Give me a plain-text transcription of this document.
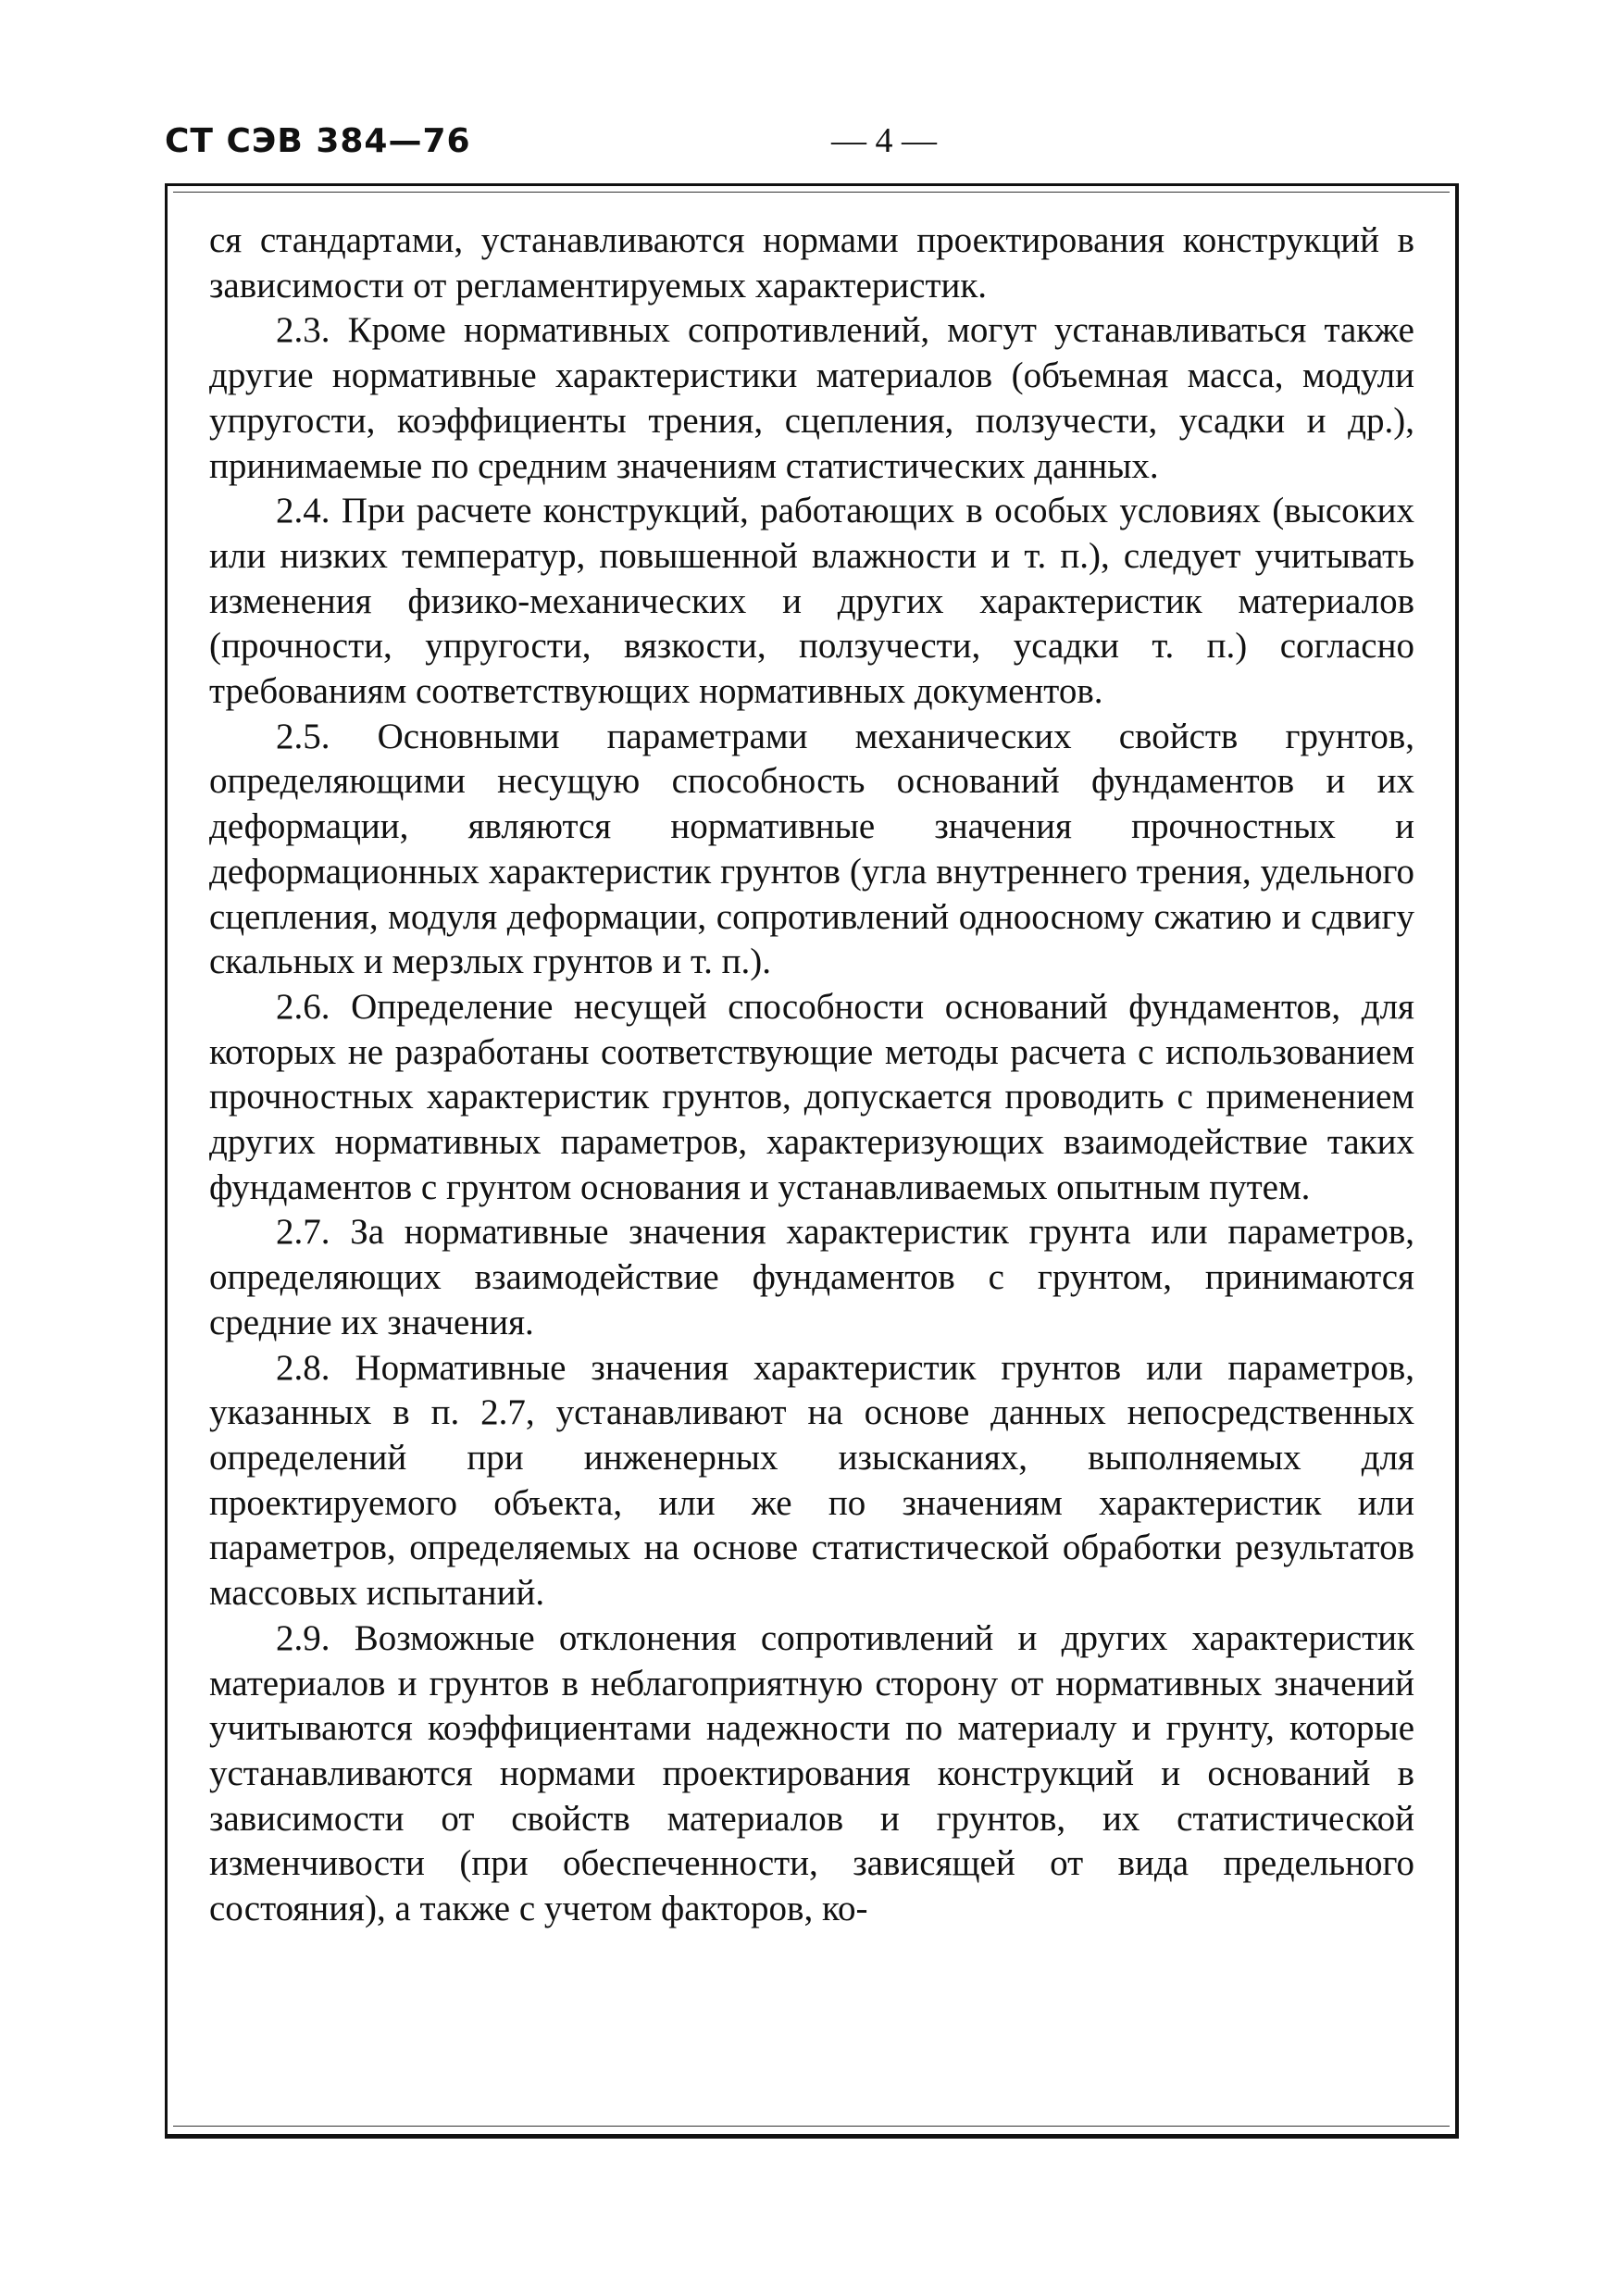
СТ СЭВ 384—76	— 4 —

ся стандартами, устанавливаются нормами проектирования конструкций в зависимости от регламентируемых характеристик.

2.3. Кроме нормативных сопротивлений, могут устанавливаться также другие нормативные характеристики материалов (объемная масса, модули упругости, коэффициенты трения, сцепления, ползучести, усадки и др.), принимаемые по средним значениям статистических данных.

2.4. При расчете конструкций, работающих в особых условиях (высоких или низких температур, повышенной влажности и т. п.), следует учитывать изменения физико-механических и других характеристик материалов (прочности, упругости, вязкости, ползучести, усадки т. п.) согласно требованиям соответствующих нормативных документов.

2.5. Основными параметрами механических свойств грунтов, определяющими несущую способность оснований фундаментов и их деформации, являются нормативные значения прочностных и деформационных характеристик грунтов (угла внутреннего трения, удельного сцепления, модуля деформации, сопротивлений одноосному сжатию и сдвигу скальных и мерзлых грунтов и т. п.).

2.6. Определение несущей способности оснований фундаментов, для которых не разработаны соответствующие методы расчета с использованием прочностных характеристик грунтов, допускается проводить с применением других нормативных параметров, характеризующих взаимодействие таких фундаментов с грунтом основания и устанавливаемых опытным путем.

2.7. За нормативные значения характеристик грунта или параметров, определяющих взаимодействие фундаментов с грунтом, принимаются средние их значения.

2.8. Нормативные значения характеристик грунтов или параметров, указанных в п. 2.7, устанавливают на основе данных непосредственных определений при инженерных изысканиях, выполняемых для проектируемого объекта, или же по значениям характеристик или параметров, определяемых на основе статистической обработки результатов массовых испытаний.

2.9. Возможные отклонения сопротивлений и других характеристик материалов и грунтов в неблагоприятную сторону от нормативных значений учитываются коэффициентами надежности по материалу и грунту, которые устанавливаются нормами проектирования конструкций и оснований в зависимости от свойств материалов и грунтов, их статистической изменчивости (при обеспеченности, зависящей от вида предельного состояния), а также с учетом факторов, ко-
